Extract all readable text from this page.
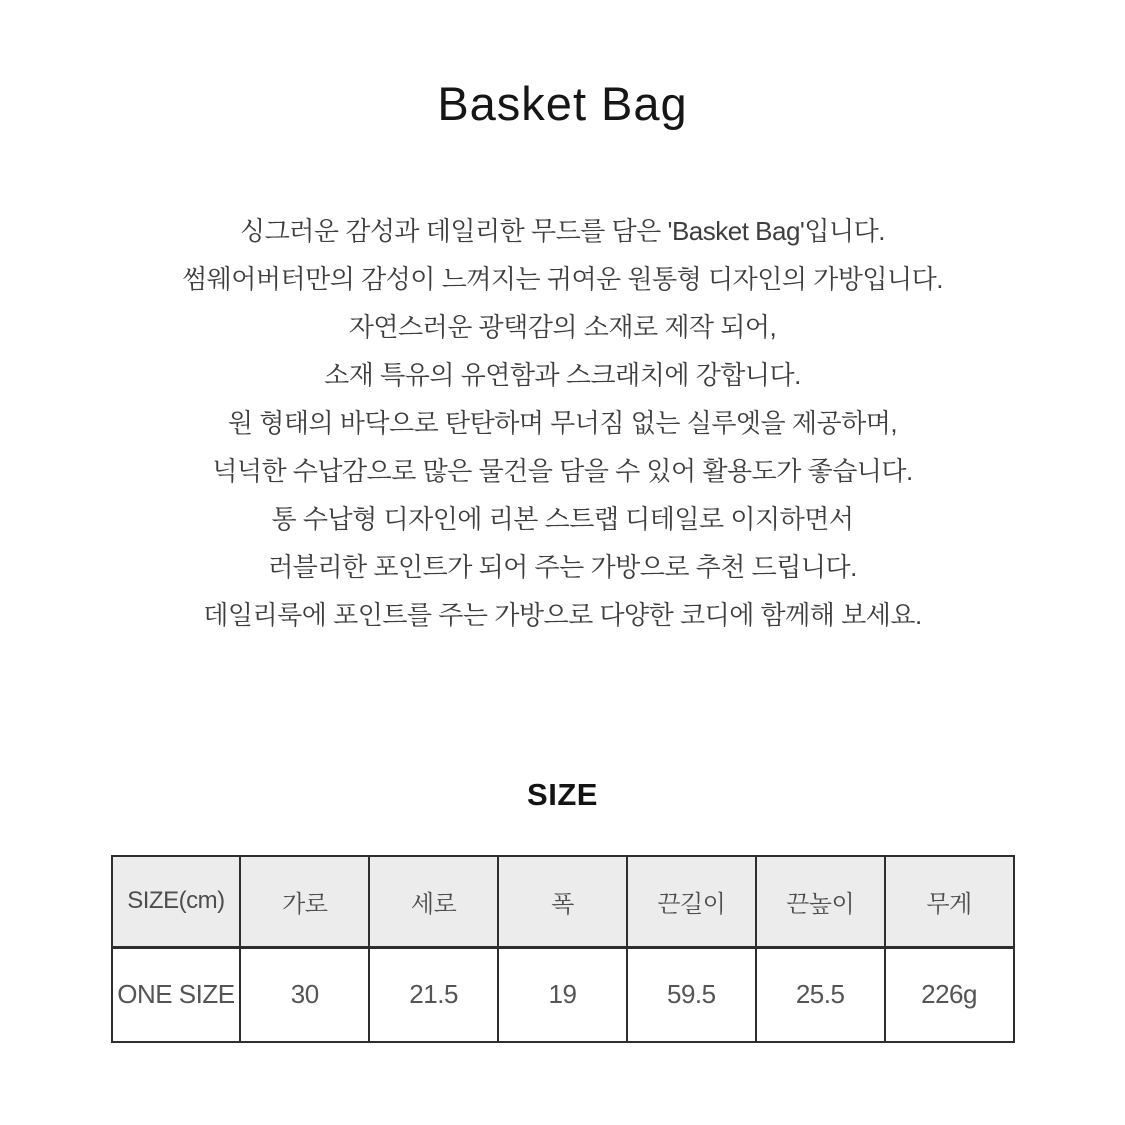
Basket Bag

싱그러운 감성과 데일리한 무드를 담은 'Basket Bag'입니다.

썸웨어버터만의 감성이 느껴지는 귀여운 원통형 디자인의 가방입니다.

자연스러운 광택감의 소재로 제작 되어,

소재 특유의 유연함과 스크래치에 강합니다.

원 형태의 바닥으로 탄탄하며 무너짐 없는 실루엣을 제공하며,

넉넉한 수납감으로 많은 물건을 담을 수 있어 활용도가 좋습니다.

통 수납형 디자인에 리본 스트랩 디테일로 이지하면서

러블리한 포인트가 되어 주는 가방으로 추천 드립니다.

데일리룩에 포인트를 주는 가방으로 다양한 코디에 함께해 보세요.

SIZE
SIZE(cm)	가로	세로	폭	끈길이	끈높이	무게
ONE SIZE	30	21.5	19	59.5	25.5	226g
